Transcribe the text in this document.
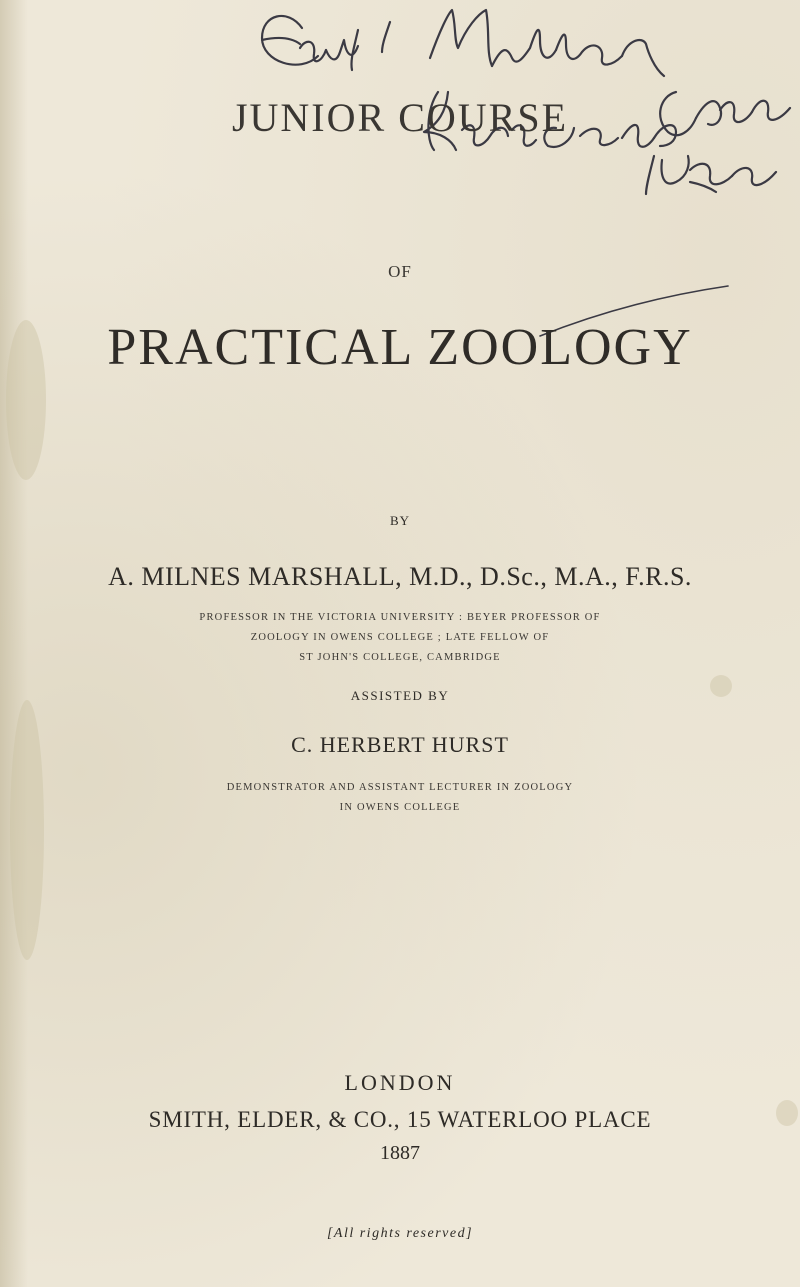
JUNIOR COURSE
OF
PRACTICAL ZOOLOGY
BY
A. MILNES MARSHALL, M.D., D.Sc., M.A., F.R.S.
PROFESSOR IN THE VICTORIA UNIVERSITY : BEYER PROFESSOR OF
ZOOLOGY IN OWENS COLLEGE ; LATE FELLOW OF
ST JOHN'S COLLEGE, CAMBRIDGE
ASSISTED BY
C. HERBERT HURST
DEMONSTRATOR AND ASSISTANT LECTURER IN ZOOLOGY
IN OWENS COLLEGE
LONDON
SMITH, ELDER, & CO., 15 WATERLOO PLACE
1887
[All rights reserved]
